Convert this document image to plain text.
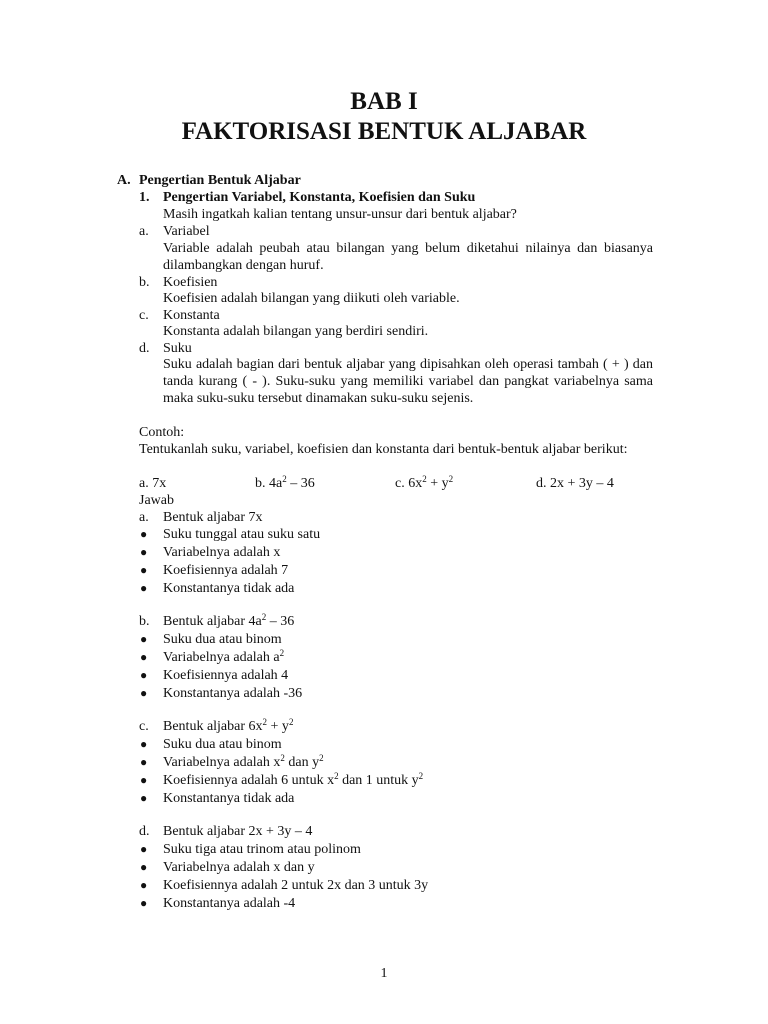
BAB I
FAKTORISASI BENTUK ALJABAR
A. Pengertian Bentuk Aljabar
1. Pengertian Variabel, Konstanta, Koefisien dan Suku
Masih ingatkah kalian tentang unsur-unsur dari bentuk aljabar?
a. Variabel
Variable adalah peubah atau bilangan yang belum diketahui nilainya dan biasanya dilambangkan dengan huruf.
b. Koefisien
Koefisien adalah bilangan yang diikuti oleh variable.
c. Konstanta
Konstanta adalah bilangan yang berdiri sendiri.
d. Suku
Suku adalah bagian dari bentuk aljabar yang dipisahkan oleh operasi tambah ( + ) dan tanda kurang ( - ). Suku-suku yang memiliki variabel dan pangkat variabelnya sama maka suku-suku tersebut dinamakan suku-suku sejenis.
Contoh:
Tentukanlah suku, variabel, koefisien dan konstanta dari bentuk-bentuk aljabar berikut:
a. 7x	b. $4a^2 - 36$	c. $6x^2 + y^2$	d. 2x + 3y – 4
Jawab
a. Bentuk aljabar 7x
● Suku tunggal atau suku satu
● Variabelnya adalah x
● Koefisiennya adalah 7
● Konstantanya tidak ada
b. Bentuk aljabar $4a^2 - 36$
● Suku dua atau binom
● Variabelnya adalah $a^2$
● Koefisiennya adalah 4
● Konstantanya adalah -36
c. Bentuk aljabar $6x^2 + y^2$
● Suku dua atau binom
● Variabelnya adalah $x^2$ dan $y^2$
● Koefisiennya adalah 6 untuk $x^2$ dan 1 untuk $y^2$
● Konstantanya tidak ada
d. Bentuk aljabar 2x + 3y – 4
● Suku tiga atau trinom atau polinom
● Variabelnya adalah x dan y
● Koefisiennya adalah 2 untuk 2x dan 3 untuk 3y
● Konstantanya adalah -4
1
